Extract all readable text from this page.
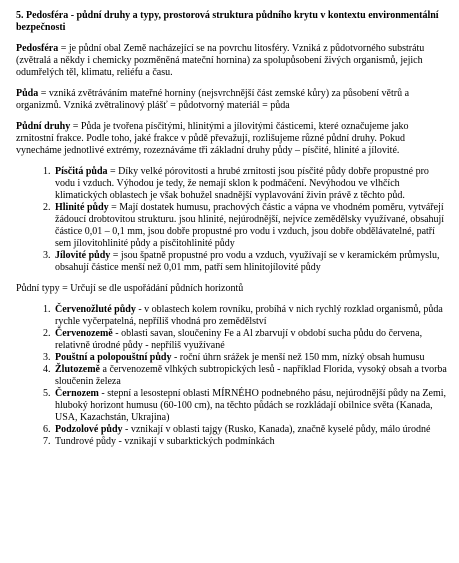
5. Pedosféra - půdní druhy a typy, prostorová struktura půdního krytu v kontextu environmentální bezpečnosti

Pedosféra = je půdní obal Země nacházející se na povrchu litosféry. Vzniká z půdotvorného substrátu (zvětralá a někdy i chemicky pozměněná mateční hornina) za spolupůsobení živých organismů, jejich odumřelých těl, klimatu, reliéfu a času.

Půda = vzniká zvětráváním mateřné horniny (nejsvrchnější část zemské kůry) za působení větrů a organizmů. Vzniká zvětralinový plášť = půdotvorný materiál = půda

Půdní druhy = Půda je tvořena písčitými, hlinitými a jílovitými částicemi, které označujeme jako zrnitostní frakce. Podle toho, jaké frakce v půdě převažují, rozlišujeme různé půdní druhy. Pokud vynecháme jednotlivé extrémy, rozeznáváme tři základní druhy půdy – písčité, hlinité a jílovité.

1. Písčitá půda = Díky velké pórovitosti a hrubé zrnitosti jsou písčité půdy dobře propustné pro vodu i vzduch. Výhodou je tedy, že nemají sklon k podmáčení. Nevýhodou ve vlhčích klimatických oblastech je však bohužel snadnější vyplavování živin právě z těchto půd.
2. Hlinité půdy = Mají dostatek humusu, prachových částic a vápna ve vhodném poměru, vytvářejí žádoucí drobtovitou strukturu. jsou hlinité, nejúrodnější, nejvíce zemědělsky využívané, obsahují částice 0,01 – 0,1 mm, jsou dobře propustné pro vodu i vzduch, jsou dobře obdělávatelné, patří sem jílovitohlinité půdy a písčitohlinité půdy
3. Jílovité půdy = jsou špatně propustné pro vodu a vzduch, využívají se v keramickém průmyslu, obsahují částice menší než 0,01 mm, patří sem hlinitojílovité půdy

Půdní typy = Určují se dle uspořádání půdních horizontů

1. Červenožluté půdy - v oblastech kolem rovníku, probíhá v nich rychlý rozklad organismů, půda rychle vyčerpatelná, nepříliš vhodná pro zemědělství
2. Červenozemě - oblasti savan, sloučeniny Fe a Al zbarvují v období sucha půdu do červena, relativně úrodné půdy - nepříliš využívané
3. Pouštní a polopouštní půdy - roční úhrn srážek je menší než 150 mm, nízký obsah humusu
4. Žlutozemě a červenozemě vlhkých subtropických lesů - například Florida, vysoký obsah a tvorba sloučenin železa
5. Černozem - stepní a lesostepní oblasti MÍRNÉHO podnebného pásu, nejúrodnější půdy na Zemi, hluboký horizont humusu (60-100 cm), na těchto půdách se rozkládají obilnice světa (Kanada, USA, Kazachstán, Ukrajina)
6. Podzolové půdy - vznikají v oblasti tajgy (Rusko, Kanada), značně kyselé půdy, málo úrodné
7. Tundrové půdy - vznikají v subarktických podmínkách
